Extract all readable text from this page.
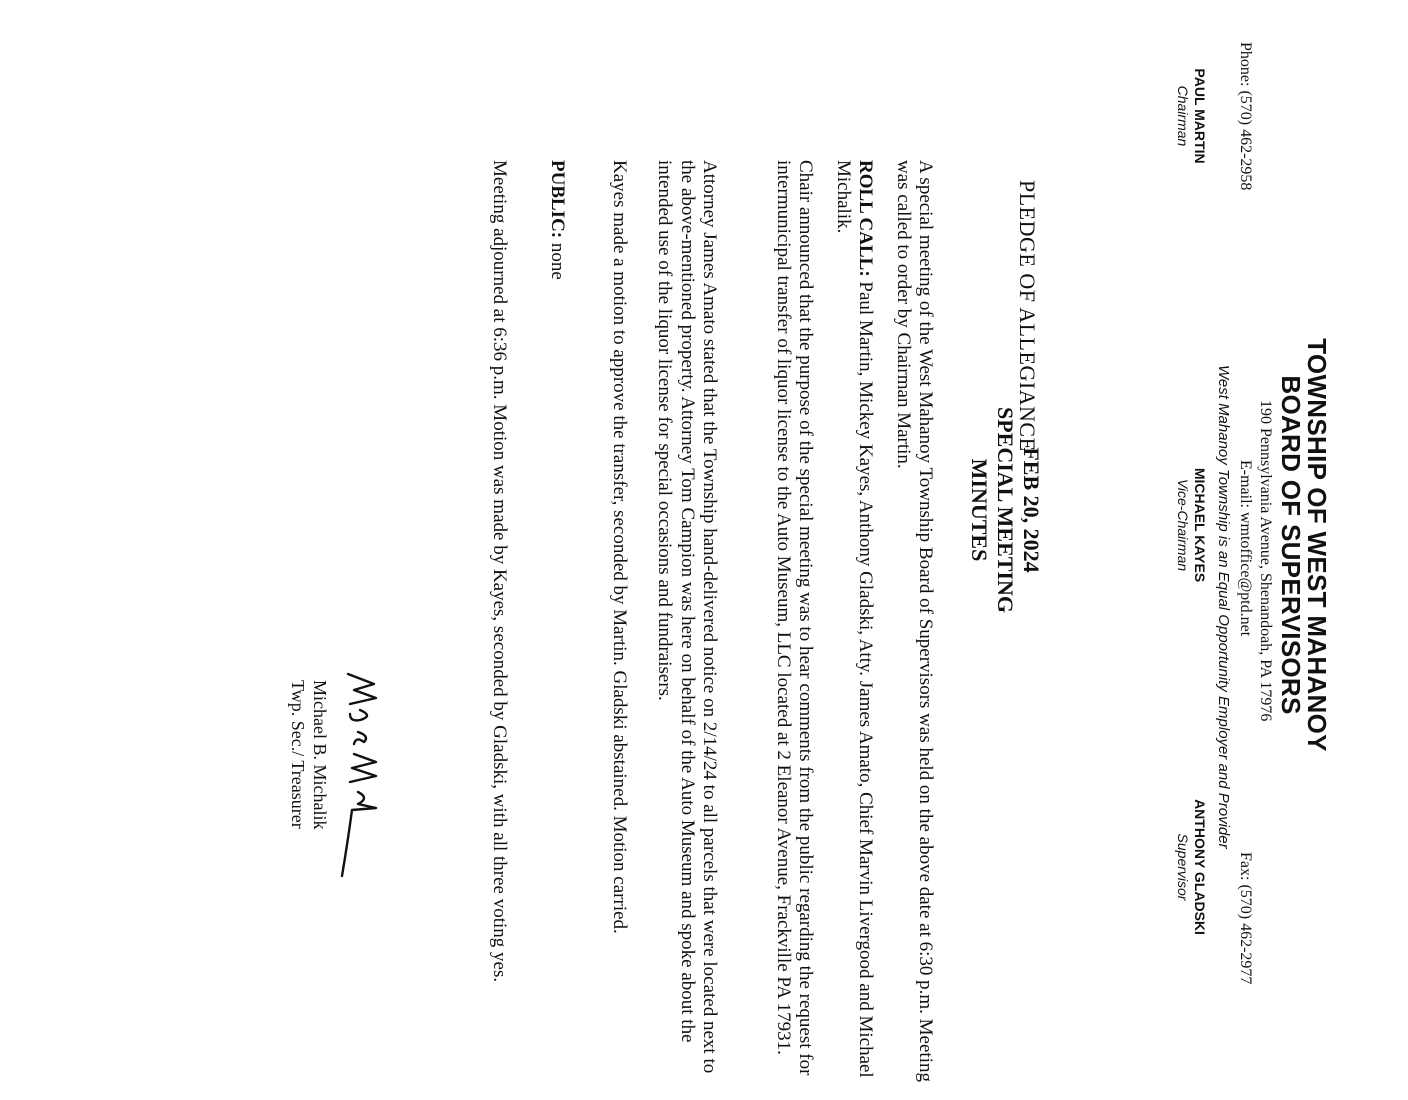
TOWNSHIP OF WEST MAHANOY
BOARD OF SUPERVISORS
190 Pennsylvania Avenue, Shenandoah, PA 17976
Phone: (570) 462-2958
E-mail: wmtoffice@ptd.net
Fax: (570) 462-2977
West Mahanoy Township is an Equal Opportunity Employer and Provider
PAUL MARTIN
Chairman
MICHAEL KAYES
Vice-Chairman
ANTHONY GLADSKI
Supervisor
FEB 20, 2024
SPECIAL MEETING
MINUTES
PLEDGE OF ALLEGIANCE

A special meeting of the West Mahanoy Township Board of Supervisors was held on the above date at 6:30 p.m. Meeting was called to order by Chairman Martin.

ROLL CALL: Paul Martin, Mickey Kayes, Anthony Gladski, Atty. James Amato, Chief Marvin Livergood and Michael Michalik.

Chair announced that the purpose of the special meeting was to hear comments from the public regarding the request for intermunicipal transfer of liquor license to the Auto Museum, LLC located at 2 Eleanor Avenue, Frackville PA 17931.

Attorney James Amato stated that the Township hand-delivered notice on 2/14/24 to all parcels that were located next to the above-mentioned property. Attorney Tom Campion was here on behalf of the Auto Museum and spoke about the intended use of the liquor license for special occasions and fundraisers.

Kayes made a motion to approve the transfer, seconded by Martin. Gladski abstained. Motion carried.

PUBLIC: none

Meeting adjourned at 6:36 p.m. Motion was made by Kayes, seconded by Gladski, with all three voting yes.

Michael B. Michalik
Twp. Sec./ Treasurer
